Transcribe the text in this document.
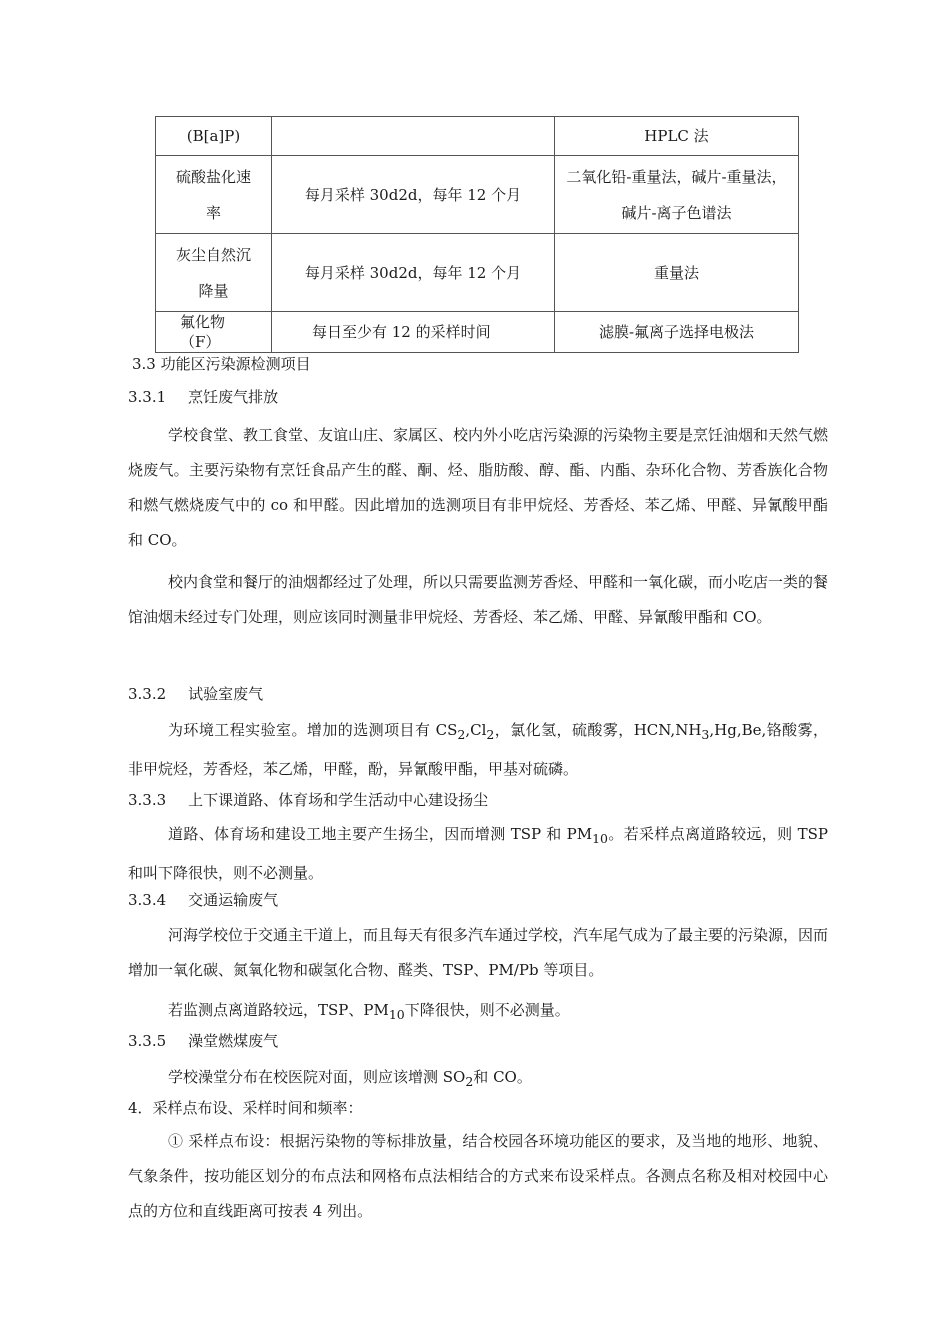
(B[a]P)		HPLC 法
硫酸盐化速率	每月采样 30d2d，每年 12 个月	二氧化铅-重量法，碱片-重量法，碱片-离子色谱法
灰尘自然沉降量	每月采样 30d2d，每年 12 个月	重量法
氟化物（F）	每日至少有 12 的采样时间	滤膜-氟离子选择电极法
3.3 功能区污染源检测项目
3.3.1 烹饪废气排放
学校食堂、教工食堂、友谊山庄、家属区、校内外小吃店污染源的污染物主要是烹饪油烟和天然气燃烧废气。主要污染物有烹饪食品产生的醛、酮、烃、脂肪酸、醇、酯、内酯、杂环化合物、芳香族化合物和燃气燃烧废气中的 co 和甲醛。因此增加的选测项目有非甲烷烃、芳香烃、苯乙烯、甲醛、异氰酸甲酯和 CO。
校内食堂和餐厅的油烟都经过了处理，所以只需要监测芳香烃、甲醛和一氧化碳，而小吃店一类的餐馆油烟未经过专门处理，则应该同时测量非甲烷烃、芳香烃、苯乙烯、甲醛、异氰酸甲酯和 CO。
3.3.2 试验室废气
为环境工程实验室。增加的选测项目有 $CS_2,Cl_2$，氯化氢，硫酸雾，$HCN,NH_3,Hg,Be$,铬酸雾，非甲烷烃，芳香烃，苯乙烯，甲醛，酚，异氰酸甲酯，甲基对硫磷。
3.3.3 上下课道路、体育场和学生活动中心建设扬尘
道路、体育场和建设工地主要产生扬尘，因而增测 TSP 和 $PM_{10}$。若采样点离道路较远，则 TSP 和叫下降很快，则不必测量。
3.3.4 交通运输废气
河海学校位于交通主干道上，而且每天有很多汽车通过学校，汽车尾气成为了最主要的污染源，因而增加一氧化碳、氮氧化物和碳氢化合物、醛类、TSP、PM/Pb 等项目。
若监测点离道路较远，TSP、$PM_{10}$下降很快，则不必测量。
3.3.5 澡堂燃煤废气
学校澡堂分布在校医院对面，则应该增测 $SO_2$和 CO。
4．采样点布设、采样时间和频率：
① 采样点布设：根据污染物的等标排放量，结合校园各环境功能区的要求，及当地的地形、地貌、气象条件，按功能区划分的布点法和网格布点法相结合的方式来布设采样点。各测点名称及相对校园中心点的方位和直线距离可按表 4 列出。
